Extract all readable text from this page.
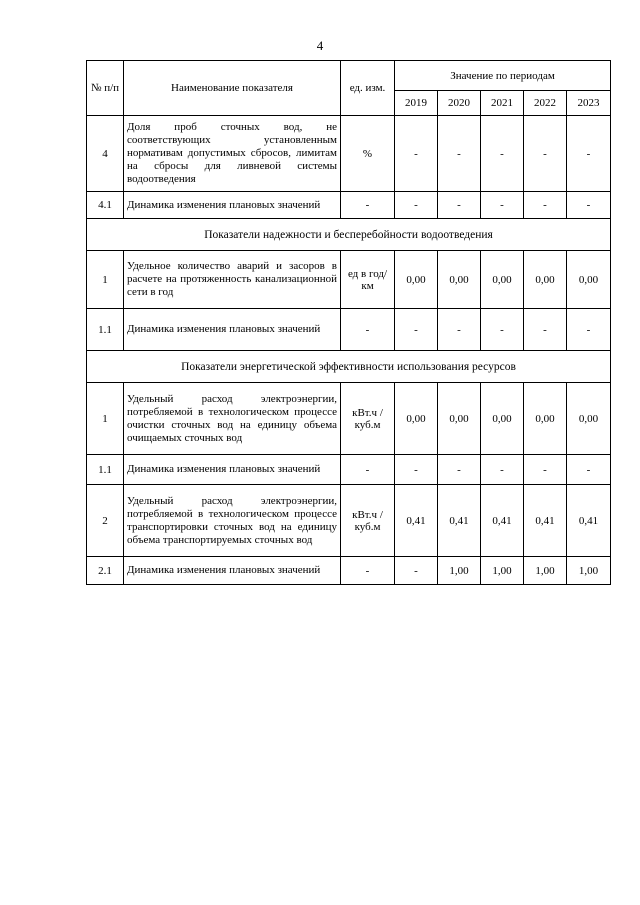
4
№ п/п	Наименование показателя	ед. изм.	Значение по периодам				
			2019	2020	2021	2022	2023
4	Доля проб сточных вод, не соответствующих установленным нормативам допустимых сбросов, лимитам на сбросы для ливневой системы водоотведения	%	-	-	-	-	-
4.1	Динамика изменения плановых значений	-	-	-	-	-	-
Показатели надежности и бесперебойности водоотведения							
1	Удельное количество аварий и засоров в расчете на протяженность канализационной сети в год	ед в год/ км	0,00	0,00	0,00	0,00	0,00
1.1	Динамика изменения плановых значений	-	-	-	-	-	-
Показатели энергетической эффективности использования ресурсов							
1	Удельный расход электроэнергии, потребляемой в технологическом процессе очистки сточных вод на единицу объема очищаемых сточных вод	кВт.ч / куб.м	0,00	0,00	0,00	0,00	0,00
1.1	Динамика изменения плановых значений	-	-	-	-	-	-
2	Удельный расход электроэнергии, потребляемой в технологическом процессе транспортировки сточных вод на единицу объема транспортируемых сточных вод	кВт.ч / куб.м	0,41	0,41	0,41	0,41	0,41
2.1	Динамика изменения плановых значений	-	-	1,00	1,00	1,00	1,00
